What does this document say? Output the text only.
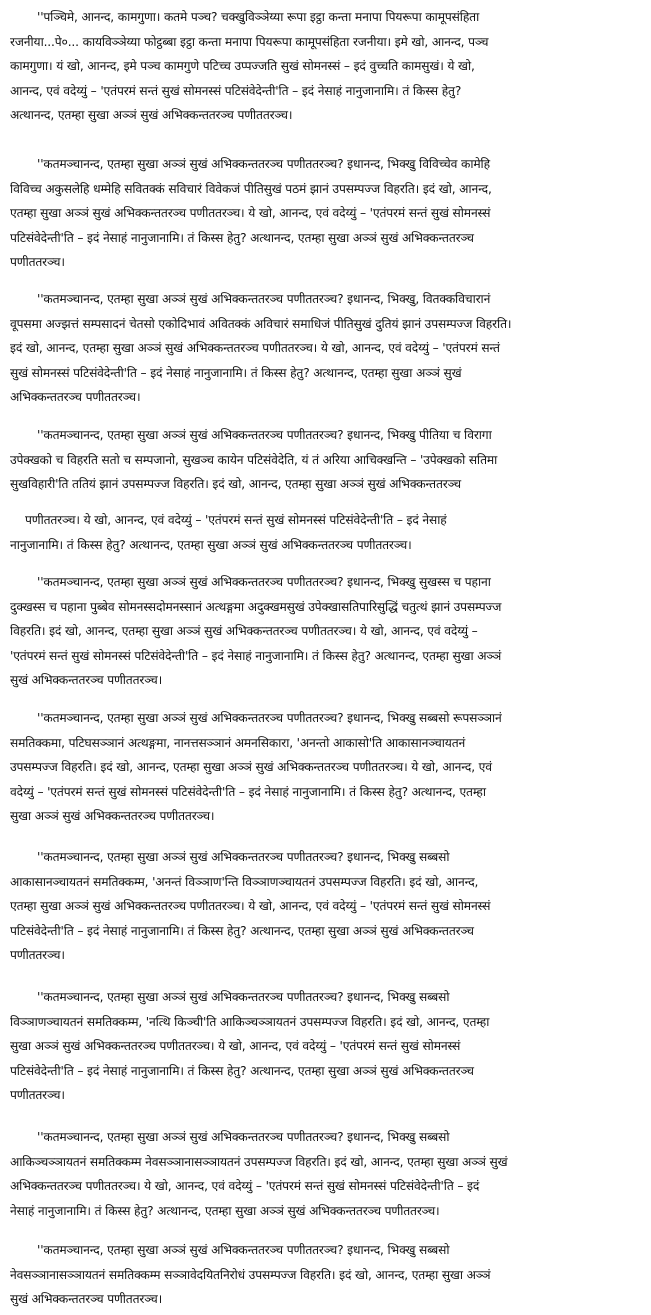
''पञ्चिमे, आनन्द, कामगुणा। कतमे पञ्च? चक्खुविञ्ञेय्या रूपा इट्ठा कन्ता मनापा पियरूपा कामूपसंहिता
रजनीया...पे०... कायविञ्ञेय्या फोट्ठब्बा इट्ठा कन्ता मनापा पियरूपा कामूपसंहिता रजनीया। इमे खो, आनन्द, पञ्च
कामगुणा। यं खो, आनन्द, इमे पञ्च कामगुणे पटिच्च उप्पज्जति सुखं सोमनस्सं – इदं वुच्चति कामसुखं। ये खो,
आनन्द, एवं वदेय्युं – 'एतंपरमं सन्तं सुखं सोमनस्सं पटिसंवेदेन्ती'ति – इदं नेसाहं नानुजानामि। तं किस्स हेतु?
अत्थानन्द, एतम्हा सुखा अञ्ञं सुखं अभिक्कन्ततरञ्च पणीततरञ्च।
''कतमञ्चानन्द, एतम्हा सुखा अञ्ञं सुखं अभिक्कन्ततरञ्च पणीततरञ्च? इधानन्द, भिक्खु विविच्चेव कामेहि
विविच्च अकुसलेहि धम्मेहि सवितक्कं सविचारं विवेकजं पीतिसुखं पठमं झानं उपसम्पज्ज विहरति। इदं खो, आनन्द,
एतम्हा सुखा अञ्ञं सुखं अभिक्कन्ततरञ्च पणीततरञ्च। ये खो, आनन्द, एवं वदेय्युं – 'एतंपरमं सन्तं सुखं सोमनस्सं
पटिसंवेदेन्ती'ति – इदं नेसाहं नानुजानामि। तं किस्स हेतु? अत्थानन्द, एतम्हा सुखा अञ्ञं सुखं अभिक्कन्ततरञ्च
पणीततरञ्च।
''कतमञ्चानन्द, एतम्हा सुखा अञ्ञं सुखं अभिक्कन्ततरञ्च पणीततरञ्च? इधानन्द, भिक्खु, वितक्कविचारानं
वूपसमा अज्झत्तं सम्पसादनं चेतसो एकोदिभावं अवितक्कं अविचारं समाधिजं पीतिसुखं दुतियं झानं उपसम्पज्ज विहरति।
इदं खो, आनन्द, एतम्हा सुखा अञ्ञं सुखं अभिक्कन्ततरञ्च पणीततरञ्च। ये खो, आनन्द, एवं वदेय्युं – 'एतंपरमं सन्तं
सुखं सोमनस्सं पटिसंवेदेन्ती'ति – इदं नेसाहं नानुजानामि। तं किस्स हेतु? अत्थानन्द, एतम्हा सुखा अञ्ञं सुखं
अभिक्कन्ततरञ्च पणीततरञ्च।
''कतमञ्चानन्द, एतम्हा सुखा अञ्ञं सुखं अभिक्कन्ततरञ्च पणीततरञ्च? इधानन्द, भिक्खु पीतिया च विरागा
उपेक्खको च विहरति सतो च सम्पजानो, सुखञ्च कायेन पटिसंवेदेति, यं तं अरिया आचिक्खन्ति – 'उपेक्खको सतिमा
सुखविहारी'ति ततियं झानं उपसम्पज्ज विहरति। इदं खो, आनन्द, एतम्हा सुखा अञ्ञं सुखं अभिक्कन्ततरञ्च
पणीततरञ्च। ये खो, आनन्द, एवं वदेय्युं – 'एतंपरमं सन्तं सुखं सोमनस्सं पटिसंवेदेन्ती'ति – इदं नेसाहं
नानुजानामि। तं किस्स हेतु? अत्थानन्द, एतम्हा सुखा अञ्ञं सुखं अभिक्कन्ततरञ्च पणीततरञ्च।
''कतमञ्चानन्द, एतम्हा सुखा अञ्ञं सुखं अभिक्कन्ततरञ्च पणीततरञ्च? इधानन्द, भिक्खु सुखस्स च पहाना
दुक्खस्स च पहाना पुब्बेव सोमनस्सदोमनस्सानं अत्थङ्गमा अदुक्खमसुखं उपेक्खासतिपारिसुद्धिं चतुत्थं झानं उपसम्पज्ज
विहरति। इदं खो, आनन्द, एतम्हा सुखा अञ्ञं सुखं अभिक्कन्ततरञ्च पणीततरञ्च। ये खो, आनन्द, एवं वदेय्युं –
'एतंपरमं सन्तं सुखं सोमनस्सं पटिसंवेदेन्ती'ति – इदं नेसाहं नानुजानामि। तं किस्स हेतु? अत्थानन्द, एतम्हा सुखा अञ्ञं
सुखं अभिक्कन्ततरञ्च पणीततरञ्च।
''कतमञ्चानन्द, एतम्हा सुखा अञ्ञं सुखं अभिक्कन्ततरञ्च पणीततरञ्च? इधानन्द, भिक्खु सब्बसो रूपसञ्ञानं
समतिक्कमा, पटिघसञ्ञानं अत्थङ्गमा, नानत्तसञ्ञानं अमनसिकारा, 'अनन्तो आकासो'ति आकासानञ्चायतनं
उपसम्पज्ज विहरति। इदं खो, आनन्द, एतम्हा सुखा अञ्ञं सुखं अभिक्कन्ततरञ्च पणीततरञ्च। ये खो, आनन्द, एवं
वदेय्युं – 'एतंपरमं सन्तं सुखं सोमनस्सं पटिसंवेदेन्ती'ति – इदं नेसाहं नानुजानामि। तं किस्स हेतु? अत्थानन्द, एतम्हा
सुखा अञ्ञं सुखं अभिक्कन्ततरञ्च पणीततरञ्च।
''कतमञ्चानन्द, एतम्हा सुखा अञ्ञं सुखं अभिक्कन्ततरञ्च पणीततरञ्च? इधानन्द, भिक्खु सब्बसो
आकासानञ्चायतनं समतिक्कम्म, 'अनन्तं विञ्ञाण'न्ति विञ्ञाणञ्चायतनं उपसम्पज्ज विहरति। इदं खो, आनन्द,
एतम्हा सुखा अञ्ञं सुखं अभिक्कन्ततरञ्च पणीततरञ्च। ये खो, आनन्द, एवं वदेय्युं – 'एतंपरमं सन्तं सुखं सोमनस्सं
पटिसंवेदेन्ती'ति – इदं नेसाहं नानुजानामि। तं किस्स हेतु? अत्थानन्द, एतम्हा सुखा अञ्ञं सुखं अभिक्कन्ततरञ्च
पणीततरञ्च।
''कतमञ्चानन्द, एतम्हा सुखा अञ्ञं सुखं अभिक्कन्ततरञ्च पणीततरञ्च? इधानन्द, भिक्खु सब्बसो
विञ्ञाणञ्चायतनं समतिक्कम्म, 'नत्थि किञ्ची'ति आकिञ्चञ्ञायतनं उपसम्पज्ज विहरति। इदं खो, आनन्द, एतम्हा
सुखा अञ्ञं सुखं अभिक्कन्ततरञ्च पणीततरञ्च। ये खो, आनन्द, एवं वदेय्युं – 'एतंपरमं सन्तं सुखं सोमनस्सं
पटिसंवेदेन्ती'ति – इदं नेसाहं नानुजानामि। तं किस्स हेतु? अत्थानन्द, एतम्हा सुखा अञ्ञं सुखं अभिक्कन्ततरञ्च
पणीततरञ्च।
''कतमञ्चानन्द, एतम्हा सुखा अञ्ञं सुखं अभिक्कन्ततरञ्च पणीततरञ्च? इधानन्द, भिक्खु सब्बसो
आकिञ्चञ्ञायतनं समतिक्कम्म नेवसञ्ञानासञ्ञायतनं उपसम्पज्ज विहरति। इदं खो, आनन्द, एतम्हा सुखा अञ्ञं सुखं
अभिक्कन्ततरञ्च पणीततरञ्च। ये खो, आनन्द, एवं वदेय्युं – 'एतंपरमं सन्तं सुखं सोमनस्सं पटिसंवेदेन्ती'ति – इदं
नेसाहं नानुजानामि। तं किस्स हेतु? अत्थानन्द, एतम्हा सुखा अञ्ञं सुखं अभिक्कन्ततरञ्च पणीततरञ्च।
''कतमञ्चानन्द, एतम्हा सुखा अञ्ञं सुखं अभिक्कन्ततरञ्च पणीततरञ्च? इधानन्द, भिक्खु सब्बसो
नेवसञ्ञानासञ्ञायतनं समतिक्कम्म सञ्ञावेदयितनिरोधं उपसम्पज्ज विहरति। इदं खो, आनन्द, एतम्हा सुखा अञ्ञं
सुखं अभिक्कन्ततरञ्च पणीततरञ्च।
